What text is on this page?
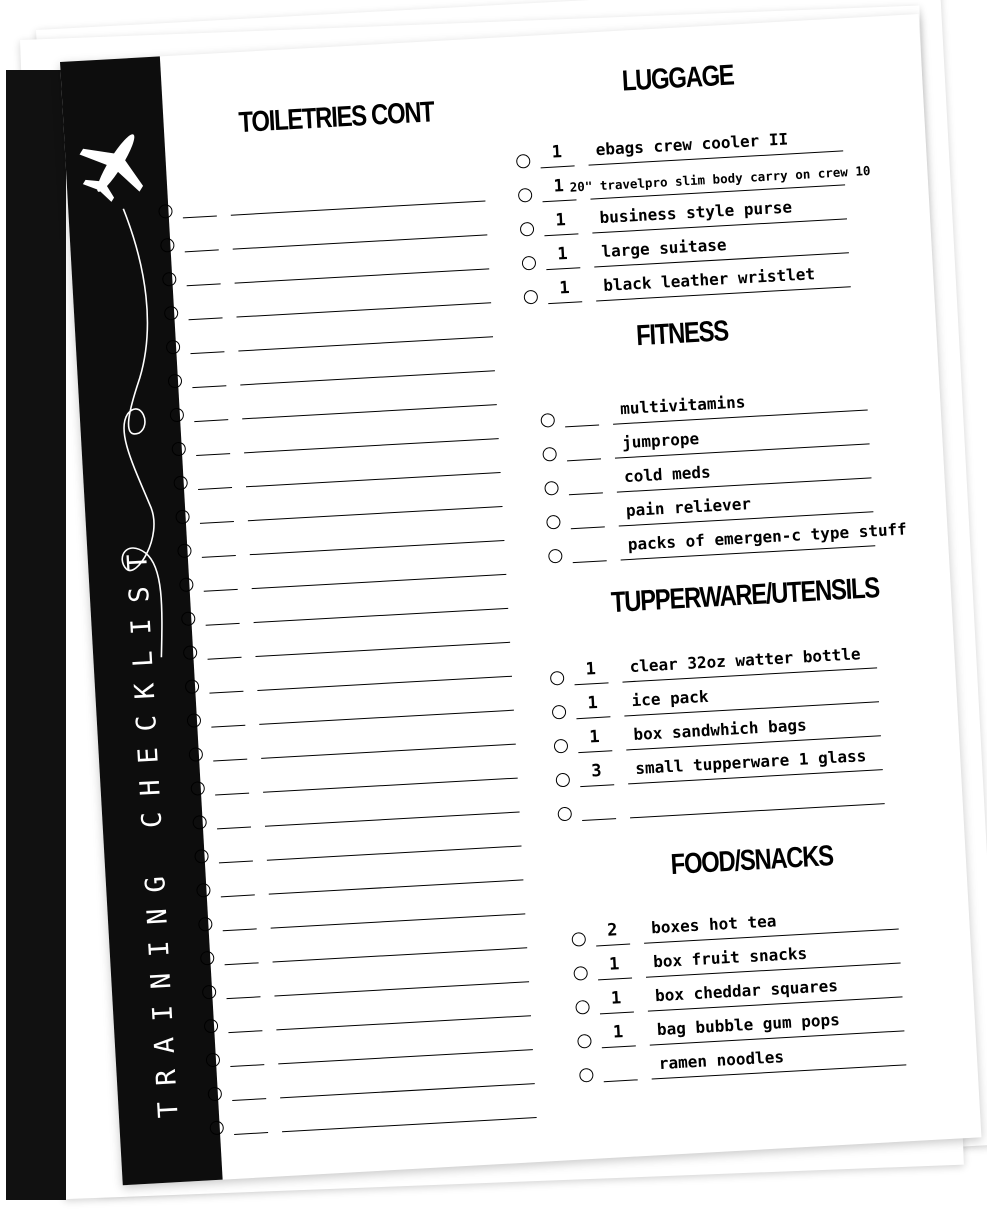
TRAINING CHECKLIST
TOILETRIES CONT
LUGGAGE
1	ebags crew cooler II
1 20" travelpro slim body carry on crew 10
1	business style purse
1	large suitase
1	black leather wristlet
FITNESS
multivitamins
jumprope
cold meds
pain reliever
packs of emergen-c type stuff
TUPPERWARE/UTENSILS
1	clear 32oz watter bottle
1	ice pack
1	box sandwhich bags
3	small tupperware 1 glass
FOOD/SNACKS
2	boxes hot tea
1	box fruit snacks
1	box cheddar squares
1	bag bubble gum pops
ramen noodles
